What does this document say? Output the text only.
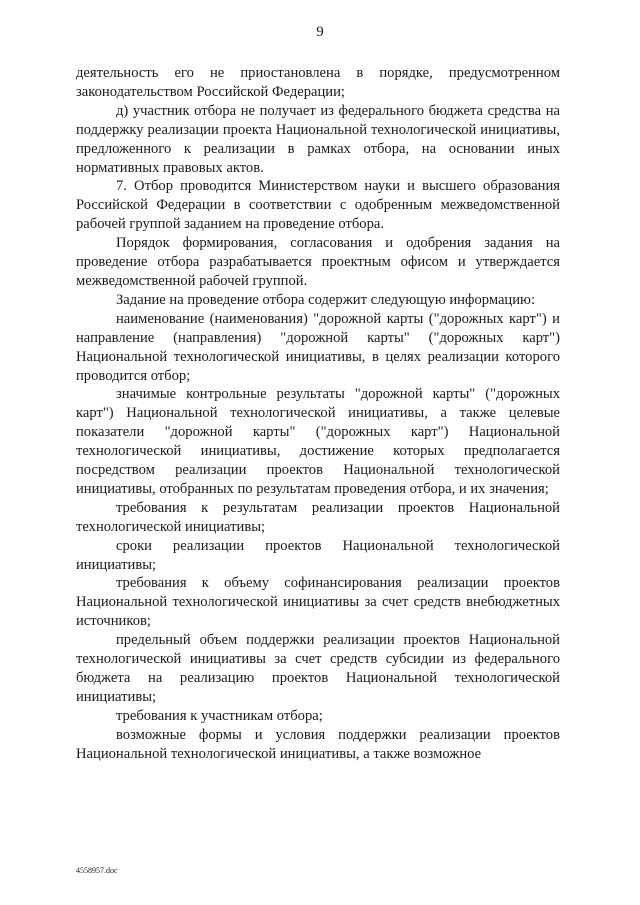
9

деятельность его не приостановлена в порядке, предусмотренном законодательством Российской Федерации;

д) участник отбора не получает из федерального бюджета средства на поддержку реализации проекта Национальной технологической инициативы, предложенного к реализации в рамках отбора, на основании иных нормативных правовых актов.

7. Отбор проводится Министерством науки и высшего образования Российской Федерации в соответствии с одобренным межведомственной рабочей группой заданием на проведение отбора.

Порядок формирования, согласования и одобрения задания на проведение отбора разрабатывается проектным офисом и утверждается межведомственной рабочей группой.

Задание на проведение отбора содержит следующую информацию:

наименование (наименования) "дорожной карты ("дорожных карт") и направление (направления) "дорожной карты" ("дорожных карт") Национальной технологической инициативы, в целях реализации которого проводится отбор;

значимые контрольные результаты "дорожной карты" ("дорожных карт") Национальной технологической инициативы, а также целевые показатели "дорожной карты" ("дорожных карт") Национальной технологической инициативы, достижение которых предполагается посредством реализации проектов Национальной технологической инициативы, отобранных по результатам проведения отбора, и их значения;

требования к результатам реализации проектов Национальной технологической инициативы;

сроки реализации проектов Национальной технологической инициативы;

требования к объему софинансирования реализации проектов Национальной технологической инициативы за счет средств внебюджетных источников;

предельный объем поддержки реализации проектов Национальной технологической инициативы за счет средств субсидии из федерального бюджета на реализацию проектов Национальной технологической инициативы;

требования к участникам отбора;

возможные формы и условия поддержки реализации проектов Национальной технологической инициативы, а также возможное

4558957.doc
